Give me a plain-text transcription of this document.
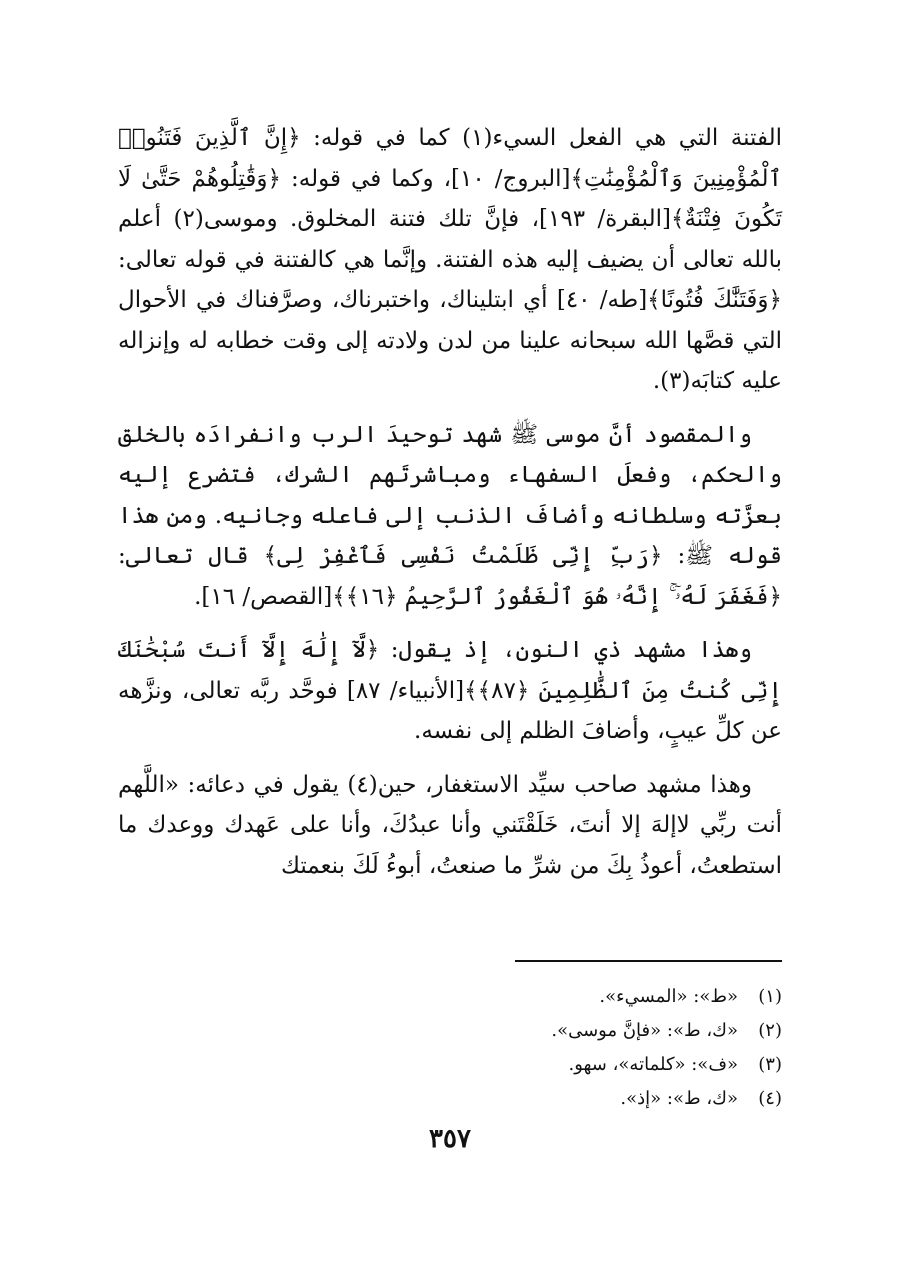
الفتنة التي هي الفعل السيء(١) كما في قوله: ﴿إِنَّ ٱلَّذِينَ فَتَنُوا۟ ٱلْمُؤْمِنِينَ وَٱلْمُؤْمِنَٰتِ﴾[البروج/ ١٠]، وكما في قوله: ﴿وَقَٰتِلُوهُمْ حَتَّىٰ لَا تَكُونَ فِتْنَةٌ﴾[البقرة/ ١٩٣]، فإنَّ تلك فتنة المخلوق. وموسى(٢) أعلم بالله تعالى أن يضيف إليه هذه الفتنة. وإنَّما هي كالفتنة في قوله تعالى: ﴿وَفَتَنَّٰكَ فُتُونًا﴾[طه/ ٤٠] أي ابتليناك، واختبرناك، وصرَّفناك في الأحوال التي قصَّها الله سبحانه علينا من لدن ولادته إلى وقت خطابه له وإنزاله عليه كتابَه(٣).

والمقصود أنَّ موسى ﷺ شهد توحيدَ الرب وانفرادَه بالخلق والحكم، وفعلَ السفهاء ومباشرتَهم الشرك، فتضرع إليه بعزَّته وسلطانه وأضافَ الذنب إلى فاعله وجانيه. ومن هذا قوله ﷺ: ﴿رَبِّ إِنِّى ظَلَمْتُ نَفْسِى فَٱغْفِرْ لِى﴾ قال تعالى: ﴿فَغَفَرَ لَهُۥٓ ۚ إِنَّهُۥ هُوَ ٱلْغَفُورُ ٱلرَّحِيمُ ﴿١٦﴾﴾[القصص/ ١٦].

وهذا مشهد ذي النون، إذ يقول: ﴿لَّآ إِلَٰهَ إِلَّآ أَنتَ سُبْحَٰنَكَ إِنِّى كُنتُ مِنَ ٱلظَّٰلِمِينَ ﴿٨٧﴾﴾[الأنبياء/ ٨٧] فوحَّد ربَّه تعالى، ونزَّهه عن كلِّ عيبٍ، وأضافَ الظلم إلى نفسه.

وهذا مشهد صاحب سيِّد الاستغفار، حين(٤) يقول في دعائه: «اللَّهم أنت ربِّي لاإلهَ إلا أنتَ، خَلَقْتَني وأنا عبدُكَ، وأنا على عَهدك ووعدك ما استطعتُ، أعوذُ بِكَ من شرِّ ما صنعتُ، أبوءُ لَكَ بنعمتك

(١)
«ط»: «المسيء».
(٢)
«ك، ط»: «فإنَّ موسى».
(٣)
«ف»: «كلماته»، سهو.
(٤)
«ك، ط»: «إذ».
٣٥٧
